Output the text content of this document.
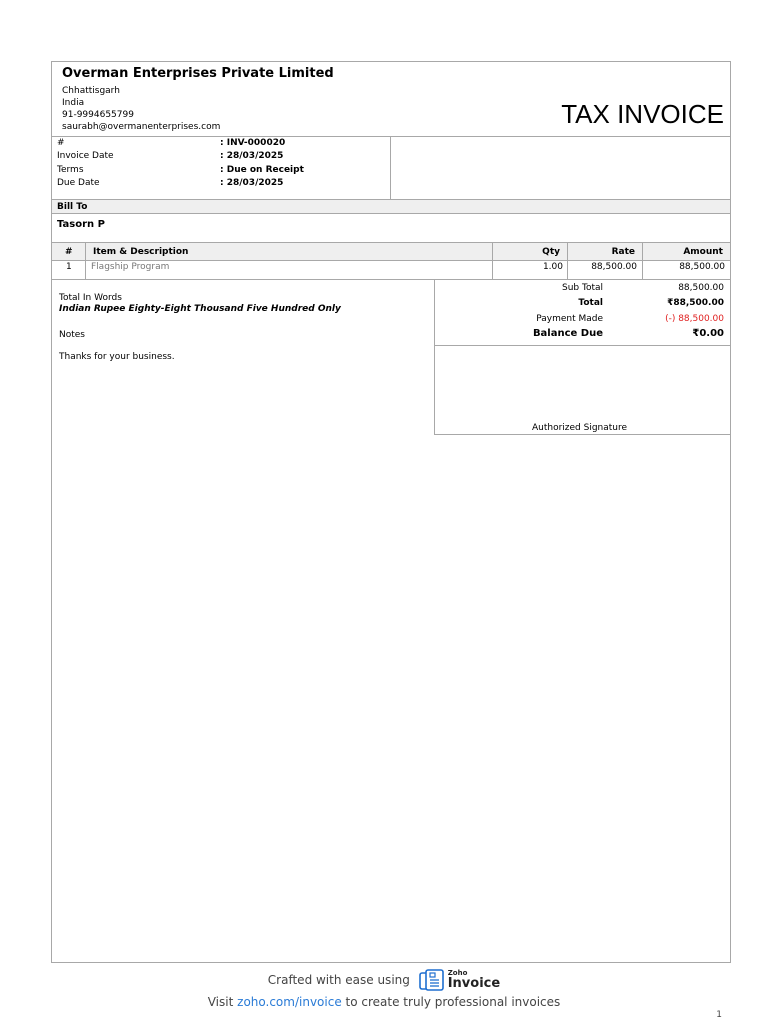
Overman Enterprises Private Limited
Chhattisgarh
India
91-9994655799
saurabh@overmanenterprises.com	TAX INVOICE
#	: INV-000020
Invoice Date	: 28/03/2025
Terms	: Due on Receipt
Due Date	: 28/03/2025
Bill To
Tasorn P
# Item & Description	Qty	Rate	Amount
1 Flagship Program	1.00	88,500.00	88,500.00
Total In Words
Indian Rupee Eighty-Eight Thousand Five Hundred Only
Notes
Thanks for your business.
Sub Total	88,500.00
Total	₹88,500.00
Payment Made	(-) 88,500.00
Balance Due	₹0.00
Authorized Signature
Crafted with ease using	Zoho
Invoice
Visit zoho.com/invoice to create truly professional invoices
1
